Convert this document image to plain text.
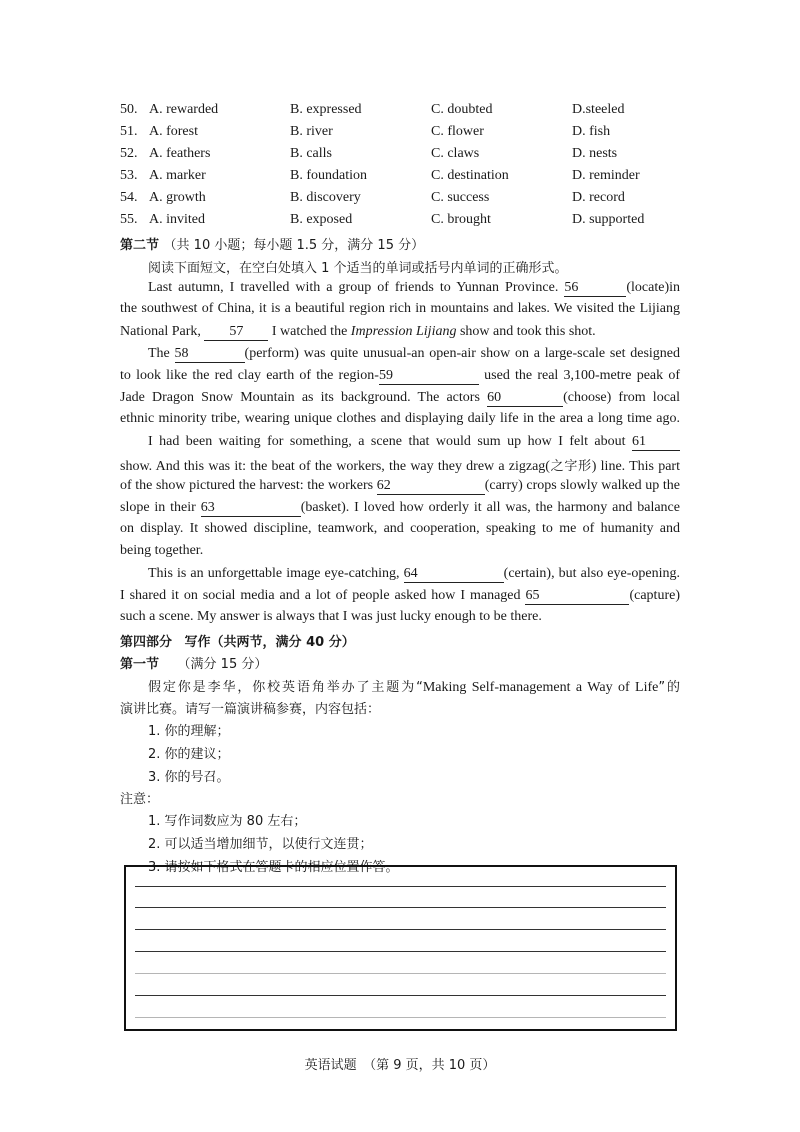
50. A. rewarded	B. expressed	C. doubted	D.steeled
51. A. forest	B. river	C. flower	D. fish
52. A. feathers	B. calls	C. claws	D. nests
53. A. marker	B. foundation	C. destination	D. reminder
54. A. growth	B. discovery	C. success	D. record
55. A. invited	B. exposed	C. brought	D. supported
第二节 （共 10 小题；每小题 1.5 分，满分 15 分）
阅读下面短文，在空白处填入 1 个适当的单词或括号内单词的正确形式。
Last autumn, I travelled with a group of friends to Yunnan Province. 56	(locate)in
the southwest of China, it is a beautiful region rich in mountains and lakes. We visited the Lijiang
National Park, 57 I watched the Impression Lijiang show and took this shot.
The 58	(perform) was quite unusual-an open-air show on a large-scale set designed
to look like the red clay earth of the region-59	used the real 3,100-metre peak of
Jade Dragon Snow Mountain as its background. The actors 60	(choose) from local
ethnic minority tribe, wearing unique clothes and displaying daily life in the area a long time ago.
I had been waiting for something, a scene that would sum up how I felt about 61
show. And this was it: the beat of the workers, the way they drew a zigzag(之字形) line. This part
of the show pictured the harvest: the workers 62	(carry) crops slowly walked up the
slope in their 63	(basket). I loved how orderly it all was, the harmony and balance
on display. It showed discipline, teamwork, and cooperation, speaking to me of humanity and
being together.
This is an unforgettable image eye-catching, 64	(certain), but also eye-opening.
I shared it on social media and a lot of people asked how I managed 65	(capture)
such a scene. My answer is always that I was just lucky enough to be there.
第四部分 写作（共两节，满分 40 分）
第一节 （满分 15 分）
假定你是李华，你校英语角举办了主题为“Making Self-management a Way of Life”的
演讲比赛。请写一篇演讲稿参赛，内容包括：
1. 你的理解；
2. 你的建议；
3. 你的号召。
注意：
1. 写作词数应为 80 左右；
2. 可以适当增加细节，以使行文连贯；
3. 请按如下格式在答题卡的相应位置作答。
英语试题　（第 9 页，共 10 页）
